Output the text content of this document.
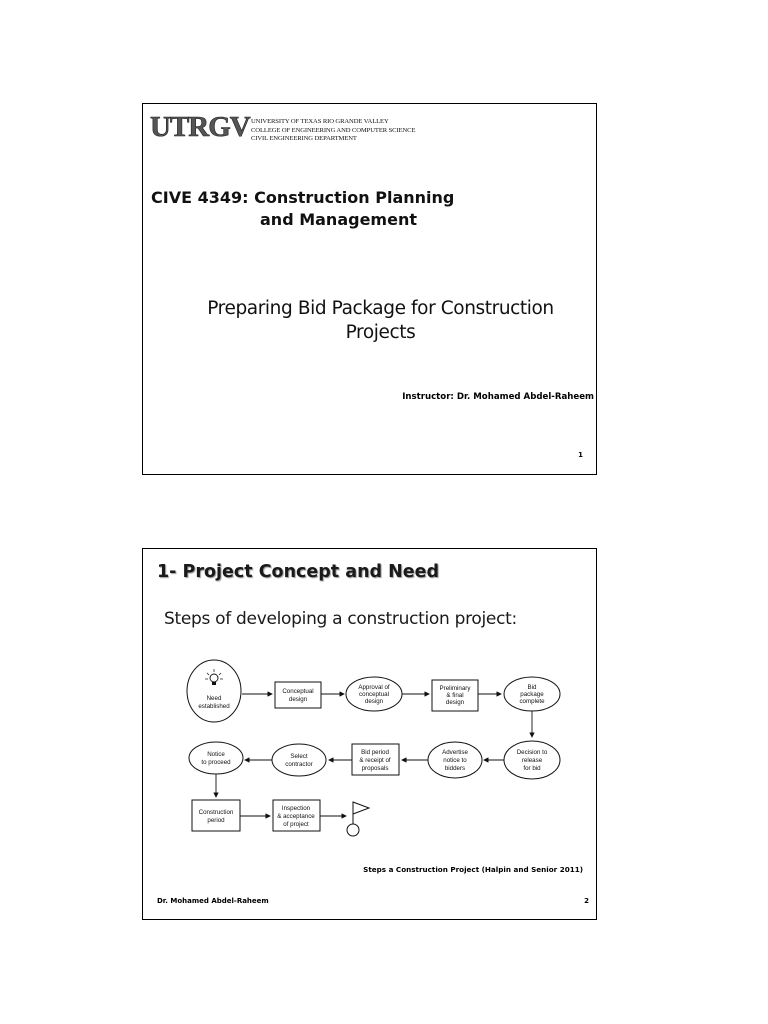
UTRGV UNIVERSITY OF TEXAS RIO GRANDE VALLEY
COLLEGE OF ENGINEERING AND COMPUTER SCIENCE
CIVIL ENGINEERING DEPARTMENT
CIVE 4349: Construction Planning
and Management
Preparing Bid Package for Construction
Projects
Instructor: Dr. Mohamed Abdel-Raheem
1
1- Project Concept and Need
Steps of developing a construction project:
Need
established
Conceptual
design
Approval of
conceptual
design
Preliminary
& final
design
Bid
package
complete
Decision to
release
for bid
Advertise
notice to
bidders
Bid period
& receipt of
proposals
Select
contractor
Notice
to proceed
Construction
period
Inspection
& acceptance
of project
Steps a Construction Project (Halpin and Senior 2011)
Dr. Mohamed Abdel-Raheem	2
